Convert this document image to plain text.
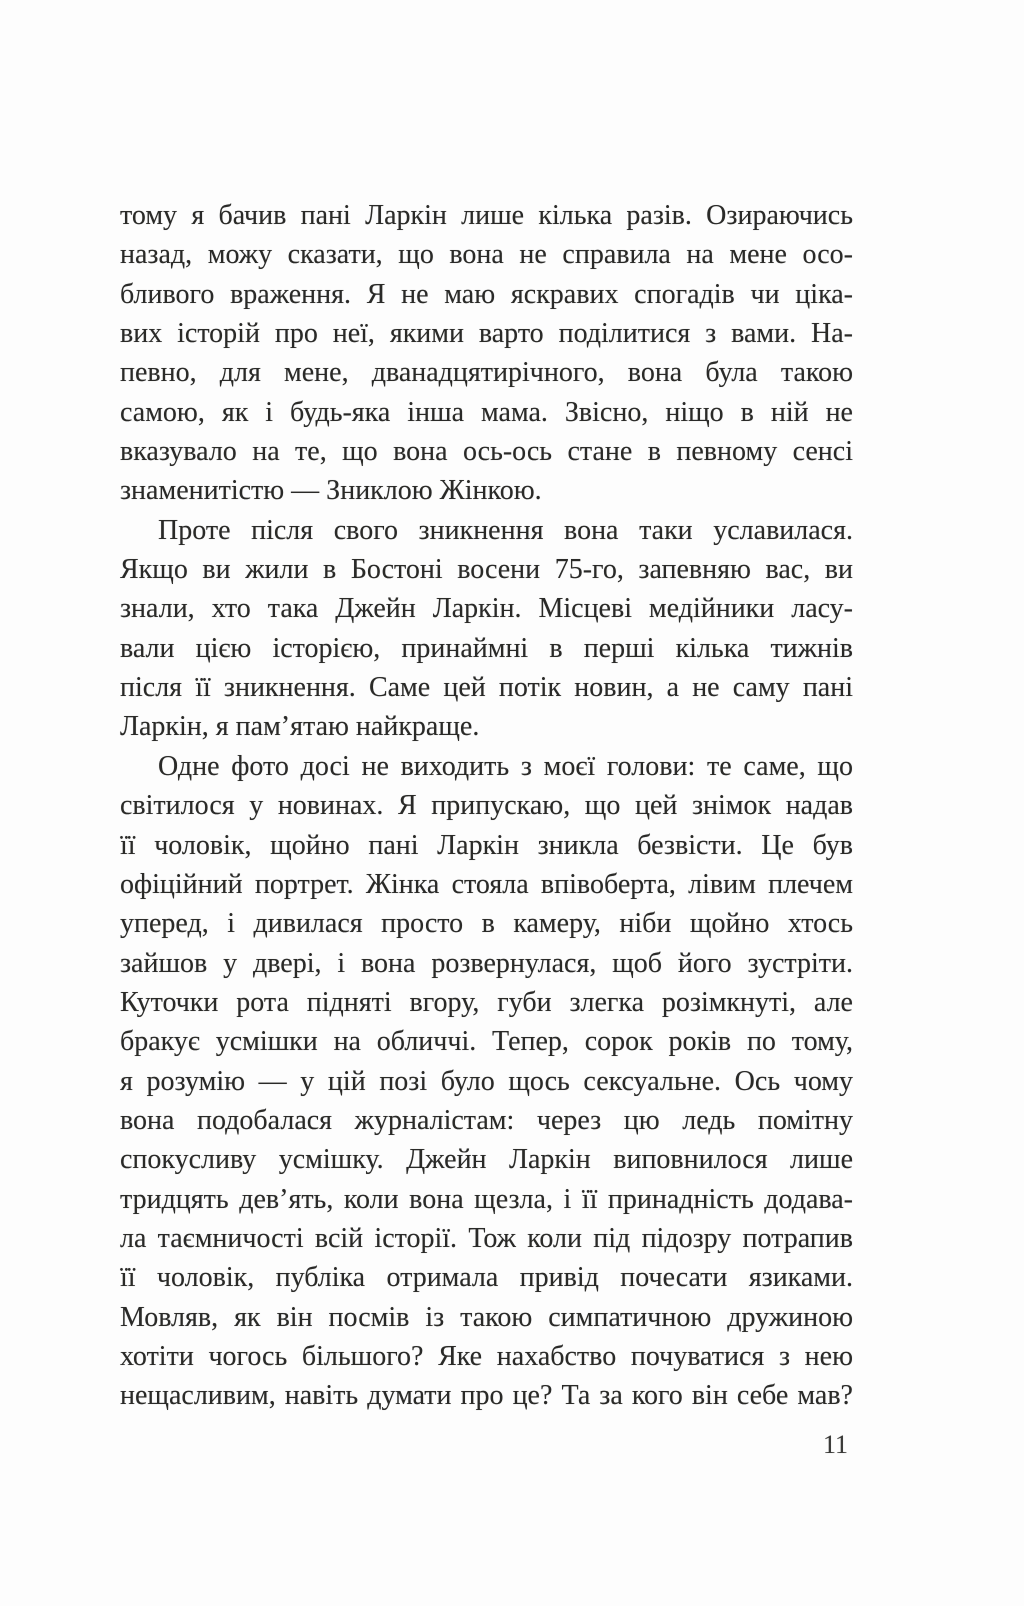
тому я бачив пані Ларкін лише кілька разів. Озираючись
назад, можу сказати, що вона не справила на мене осо-
бливого враження. Я не маю яскравих спогадів чи ціка-
вих історій про неї, якими варто поділитися з вами. На-
певно, для мене, дванадцятирічного, вона була такою
самою, як і будь-яка інша мама. Звісно, ніщо в ній не
вказувало на те, що вона ось-ось стане в певному сенсі
знаменитістю — Зниклою Жінкою.
Проте після свого зникнення вона таки уславилася.
Якщо ви жили в Бостоні восени 75-го, запевняю вас, ви
знали, хто така Джейн Ларкін. Місцеві медійники ласу-
вали цією історією, принаймні в перші кілька тижнів
після її зникнення. Саме цей потік новин, а не саму пані
Ларкін, я пам’ятаю найкраще.
Одне фото досі не виходить з моєї голови: те саме, що
світилося у новинах. Я припускаю, що цей знімок надав
її чоловік, щойно пані Ларкін зникла безвісти. Це був
офіційний портрет. Жінка стояла впівоберта, лівим плечем
уперед, і дивилася просто в камеру, ніби щойно хтось
зайшов у двері, і вона розвернулася, щоб його зустріти.
Куточки рота підняті вгору, губи злегка розімкнуті, але
бракує усмішки на обличчі. Тепер, сорок років по тому,
я розумію — у цій позі було щось сексуальне. Ось чому
вона подобалася журналістам: через цю ледь помітну
спокусливу усмішку. Джейн Ларкін виповнилося лише
тридцять дев’ять, коли вона щезла, і її принадність додава-
ла таємничості всій історії. Тож коли під підозру потрапив
її чоловік, публіка отримала привід почесати язиками.
Мовляв, як він посмів із такою симпатичною дружиною
хотіти чогось більшого? Яке нахабство почуватися з нею
нещасливим, навіть думати про це? Та за кого він себе мав?
11
